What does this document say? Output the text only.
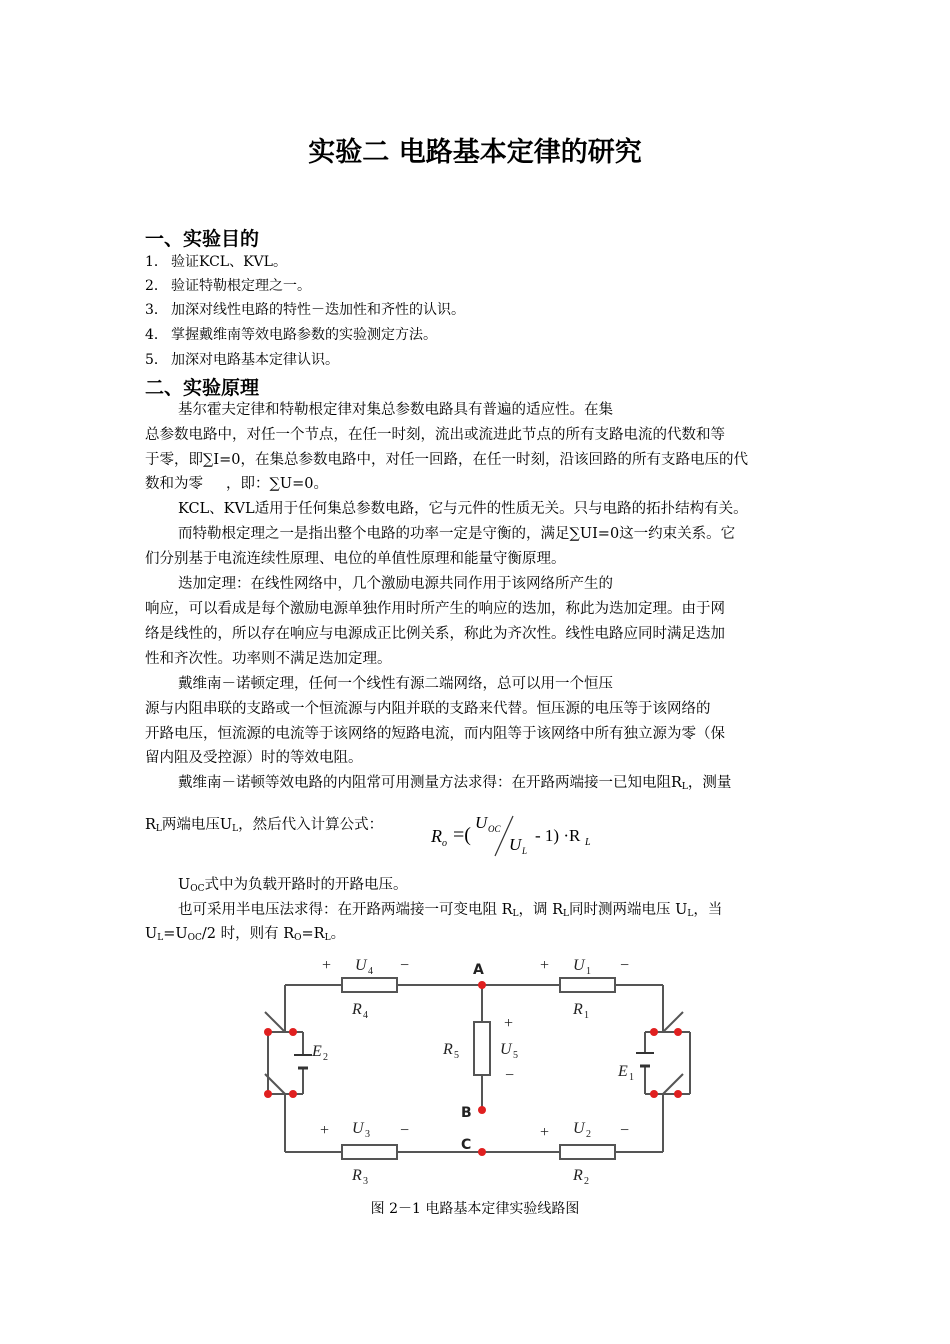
实验二 电路基本定律的研究
一、实验目的
1． 验证KCL、KVL。
2． 验证特勒根定理之一。
3． 加深对线性电路的特性－迭加性和齐性的认识。
4． 掌握戴维南等效电路参数的实验测定方法。
5． 加深对电路基本定律认识。
二、实验原理
基尔霍夫定律和特勒根定律对集总参数电路具有普遍的适应性。在集
总参数电路中，对任一个节点，在任一时刻，流出或流进此节点的所有支路电流的代数和等
于零，即∑I=0，在集总参数电路中，对任一回路，在任一时刻，沿该回路的所有支路电压的代
数和为零     ，即：∑U=0。
KCL、KVL适用于任何集总参数电路，它与元件的性质无关。只与电路的拓扑结构有关。
而特勒根定理之一是指出整个电路的功率一定是守衡的，满足∑UI=0这一约束关系。它
们分别基于电流连续性原理、电位的单值性原理和能量守衡原理。
迭加定理：在线性网络中，几个激励电源共同作用于该网络所产生的
响应，可以看成是每个激励电源单独作用时所产生的响应的迭加，称此为迭加定理。由于网
络是线性的，所以存在响应与电源成正比例关系，称此为齐次性。线性电路应同时满足迭加
性和齐次性。功率则不满足迭加定理。
戴维南－诺顿定理，任何一个线性有源二端网络，总可以用一个恒压
源与内阻串联的支路或一个恒流源与内阻并联的支路来代替。恒压源的电压等于该网络的
开路电压，恒流源的电流等于该网络的短路电流，而内阻等于该网络中所有独立源为零（保
留内阻及受控源）时的等效电阻。
戴维南－诺顿等效电路的内阻常可用测量方法求得：在开路两端接一已知电阻$R_L$，测量
$R_L$两端电压$U_L$，然后代入计算公式：
R o =(
U OC
U L
- 1) ·R L
$U_{OC}$式中为负载开路时的开路电压。
也可采用半电压法求得：在开路两端接一可变电阻 $R_L$，调 $R_L$同时测两端电压 $U_L$，当
$U_L=U_{OC}/2$ 时，则有 $R_O=R_L$。
+ U 4 −
R 4
A	+ U 1 −
R 1
E 2
E 1
R 5
+
U 5
−
B
C
+ U 3 −
R 3
+ U 2 −
R 2
图 2－1 电路基本定律实验线路图
